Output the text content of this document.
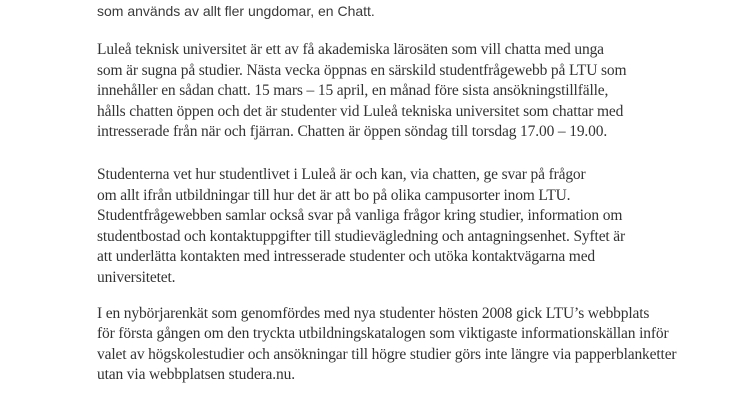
som används av allt fler ungdomar, en Chatt.
Luleå teknisk universitet är ett av få akademiska lärosäten som vill chatta med unga
som är sugna på studier. Nästa vecka öppnas en särskild studentfrågewebb på LTU som
innehåller en sådan chatt. 15 mars – 15 april, en månad före sista ansökningstillfälle,
hålls chatten öppen och det är studenter vid Luleå tekniska universitet som chattar med
intresserade från när och fjärran. Chatten är öppen söndag till torsdag 17.00 – 19.00.
Studenterna vet hur studentlivet i Luleå är och kan, via chatten, ge svar på frågor
om allt ifrån utbildningar till hur det är att bo på olika campusorter inom LTU.
Studentfrågewebben samlar också svar på vanliga frågor kring studier, information om
studentbostad och kontaktuppgifter till studievägledning och antagningsenhet. Syftet är
att underlätta kontakten med intresserade studenter och utöka kontaktvägarna med
universitetet.
I en nybörjarenkät som genomfördes med nya studenter hösten 2008 gick LTU’s webbplats
för första gången om den tryckta utbildningskatalogen som viktigaste informationskällan inför
valet av högskolestudier och ansökningar till högre studier görs inte längre via papperblanketter
utan via webbplatsen studera.nu.
